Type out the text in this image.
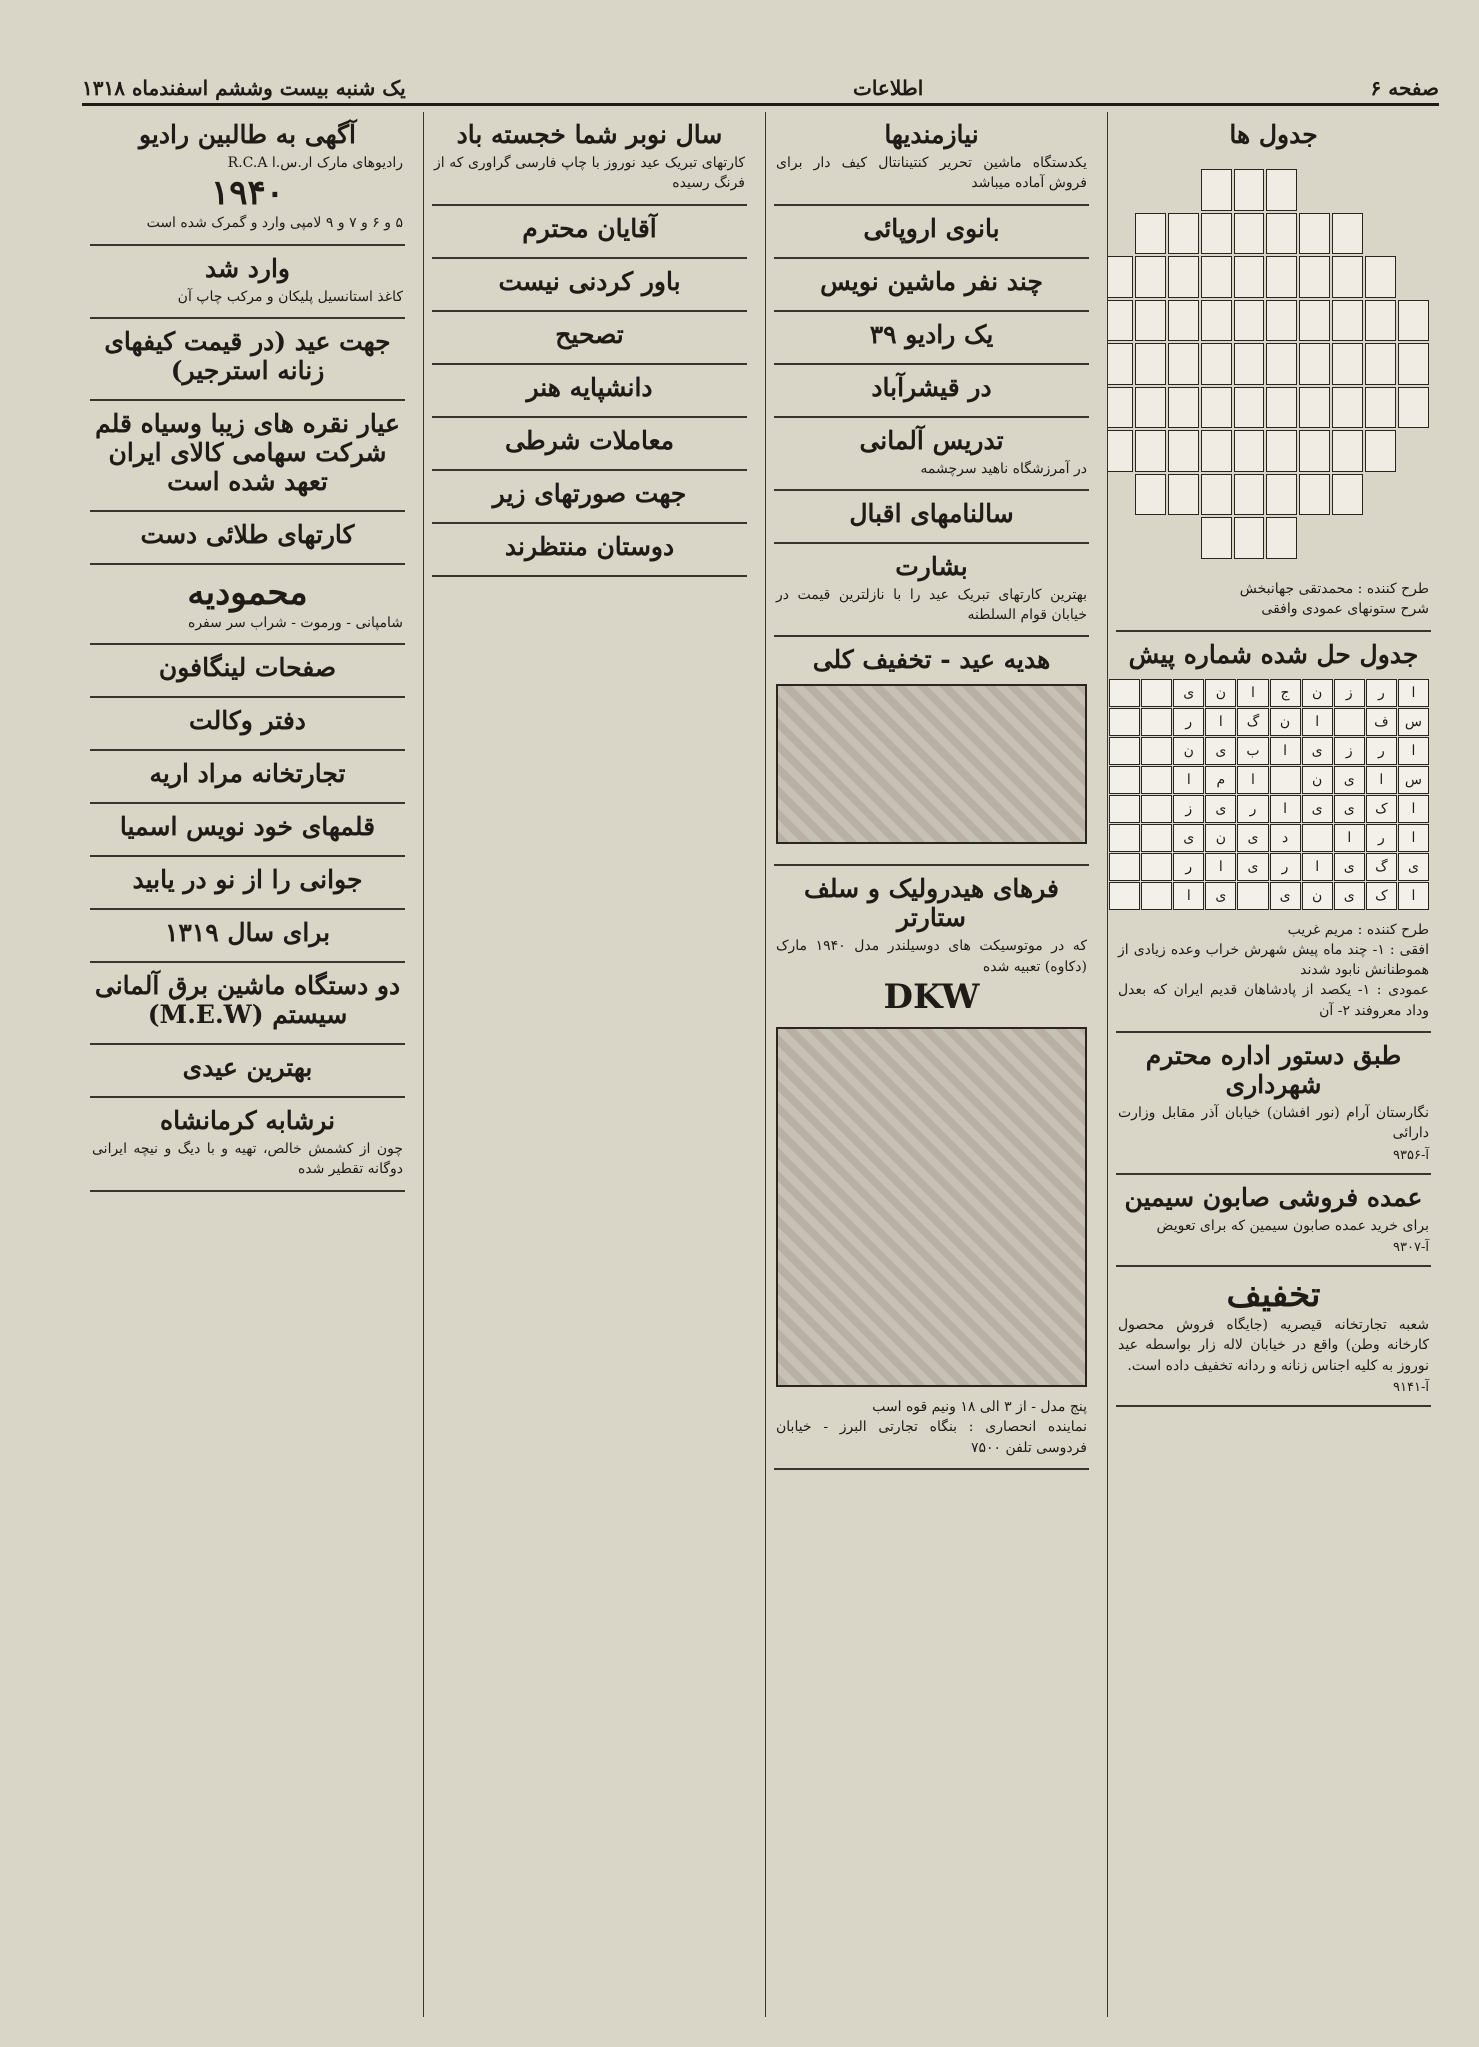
صفحه ۶
اطلاعات
یک شنبه بیست وششم اسفندماه ۱۳۱۸
جدول ها

طرح کننده : محمدتقی جهانبخش

شرح ستونهای عمودی وافقی

جدول حل شده شماره پیش
ا
ر
ز
ن
ج
ا
ن
ی
س
ف
ا
ن
گ
ا
ر
ا
ر
ز
ی
ا
ب
ی
ن
س
ا
ی
ن
ا
م
ا
ا
ک
ی
ی
ا
ر
ی
ز
ا
ر
ا
د
ی
ن
ی
ی
گ
ی
ا
ر
ی
ا
ر
ا
ک
ی
ن
ی
ی
ا

طرح کننده : مریم غریب

افقی : ۱- چند ماه پیش شهرش خراب وعده زیادی از هموطنانش نابود شدند

عمودی : ۱- یکصد از پادشاهان قدیم ایران که بعدل وداد معروفند ۲- آن

طبق دستور اداره محترم شهرداری

نگارستان آرام (نور افشان) خیابان آذر مقابل وزارت دارائی

آ-۹۳۵۶
عمده فروشی صابون سیمین

برای خرید عمده صابون سیمین که برای تعویض

آ-۹۳۰۷
تخفیف

شعبه تجارتخانه قیصریه (جایگاه فروش محصول کارخانه وطن) واقع در خیابان لاله زار بواسطه عید نوروز به کلیه اجناس زنانه و ردانه تخفیف داده است.

آ-۹۱۴۱
نیازمندیها

یکدستگاه ماشین تحریر کنتینانتال کیف دار برای فروش آماده میباشد

بانوی اروپائی
چند نفر ماشین نویس
یک رادیو ۳۹
در قیشرآباد
تدریس آلمانی

در آمرزشگاه ناهید سرچشمه

سالنامهای اقبال
بشارت

بهترین کارتهای تبریک عید را با نازلترین قیمت در خیابان قوام السلطنه

هدیه عید - تخفیف کلی
فرهای هیدرولیک و سلف ستارتر

که در موتوسیکت های دوسیلندر مدل ۱۹۴۰ مارک (دکاوه) تعبیه شده

DKW

پنج مدل - از ۳ الی ۱۸ ونیم قوه اسب

نماینده انحصاری : بنگاه تجارتی البرز - خیابان فردوسی تلفن ۷۵۰۰

سال نوبر شما خجسته باد

کارتهای تبریک عید نوروز با چاپ فارسی گراوری که از فرنگ رسیده

آقایان محترم
باور کردنی نیست
تصحیح
دانشپایه هنر
معاملات شرطی
جهت صورتهای زیر
دوستان منتظرند
آگهی به طالبین رادیو

رادیوهای مارک ار.س.ا R.C.A

۱۹۴۰

۵ و ۶ و ۷ و ۹ لامپی وارد و گمرک شده است

وارد شد

کاغذ استانسیل پلیکان و مرکب چاپ آن

جهت عید (در قیمت کیفهای زنانه استرجیر)
عیار نقره های زیبا وسیاه قلم شرکت سهامی کالای ایران تعهد شده است
کارتهای طلائی دست
محمودیه

شامپانی - ورموت - شراب سر سفره

صفحات لینگافون
دفتر وکالت
تجارتخانه مراد اریه
قلمهای خود نویس اسمیا
جوانی را از نو در یابید
برای سال ۱۳۱۹
دو دستگاه ماشین برق آلمانی سیستم (M.E.W)
بهترین عیدی
نرشابه کرمانشاه

چون از کشمش خالص، تهیه و با دیگ و نیچه ایرانی دوگانه تقطیر شده
